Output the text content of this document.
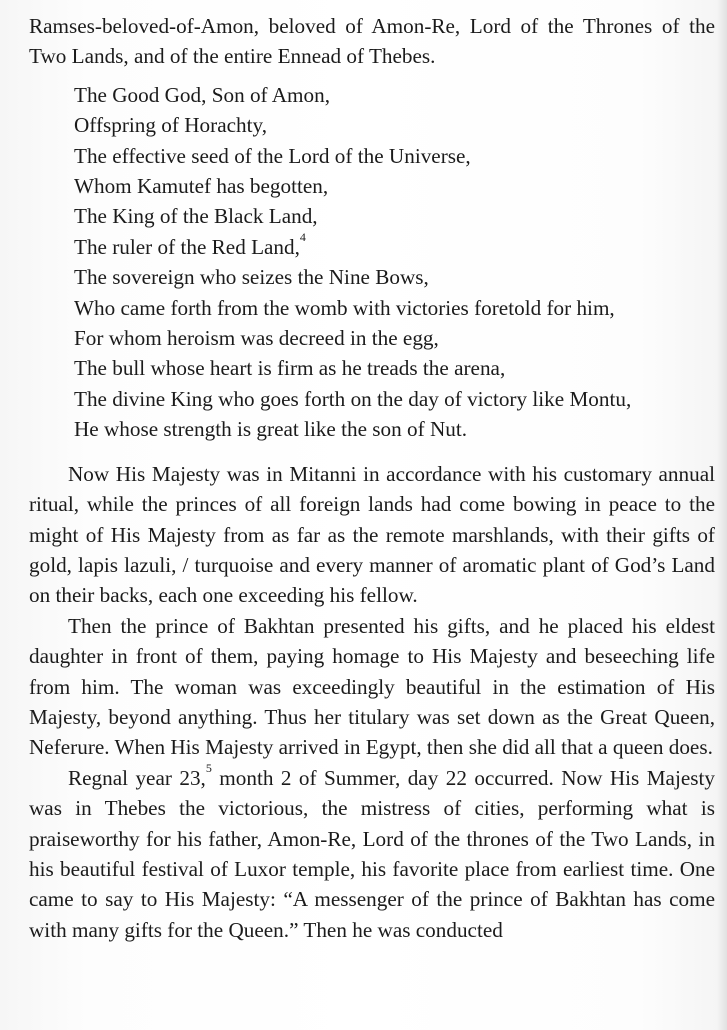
Ramses-beloved-of-Amon, beloved of Amon-Re, Lord of the Thrones of the Two Lands, and of the entire Ennead of Thebes.

The Good God, Son of Amon,
Offspring of Horachty,
The effective seed of the Lord of the Universe,
Whom Kamutef has begotten,
The King of the Black Land,
The ruler of the Red Land,$^4$
The sovereign who seizes the Nine Bows,
Who came forth from the womb with victories foretold for him,
For whom heroism was decreed in the egg,
The bull whose heart is firm as he treads the arena,
The divine King who goes forth on the day of victory like Montu,
He whose strength is great like the son of Nut.

Now His Majesty was in Mitanni in accordance with his customary annual ritual, while the princes of all foreign lands had come bowing in peace to the might of His Majesty from as far as the remote marshlands, with their gifts of gold, lapis lazuli, / turquoise and every manner of aromatic plant of God’s Land on their backs, each one exceeding his fellow.

Then the prince of Bakhtan presented his gifts, and he placed his eldest daughter in front of them, paying homage to His Majesty and beseeching life from him. The woman was exceedingly beautiful in the estimation of His Majesty, beyond anything. Thus her titulary was set down as the Great Queen, Neferure. When His Majesty arrived in Egypt, then she did all that a queen does.

Regnal year 23,$^5$ month 2 of Summer, day 22 occurred. Now His Majesty was in Thebes the victorious, the mistress of cities, performing what is praiseworthy for his father, Amon-Re, Lord of the thrones of the Two Lands, in his beautiful festival of Luxor temple, his favorite place from earliest time. One came to say to His Majesty: “A messenger of the prince of Bakhtan has come with many gifts for the Queen.” Then he was conducted
